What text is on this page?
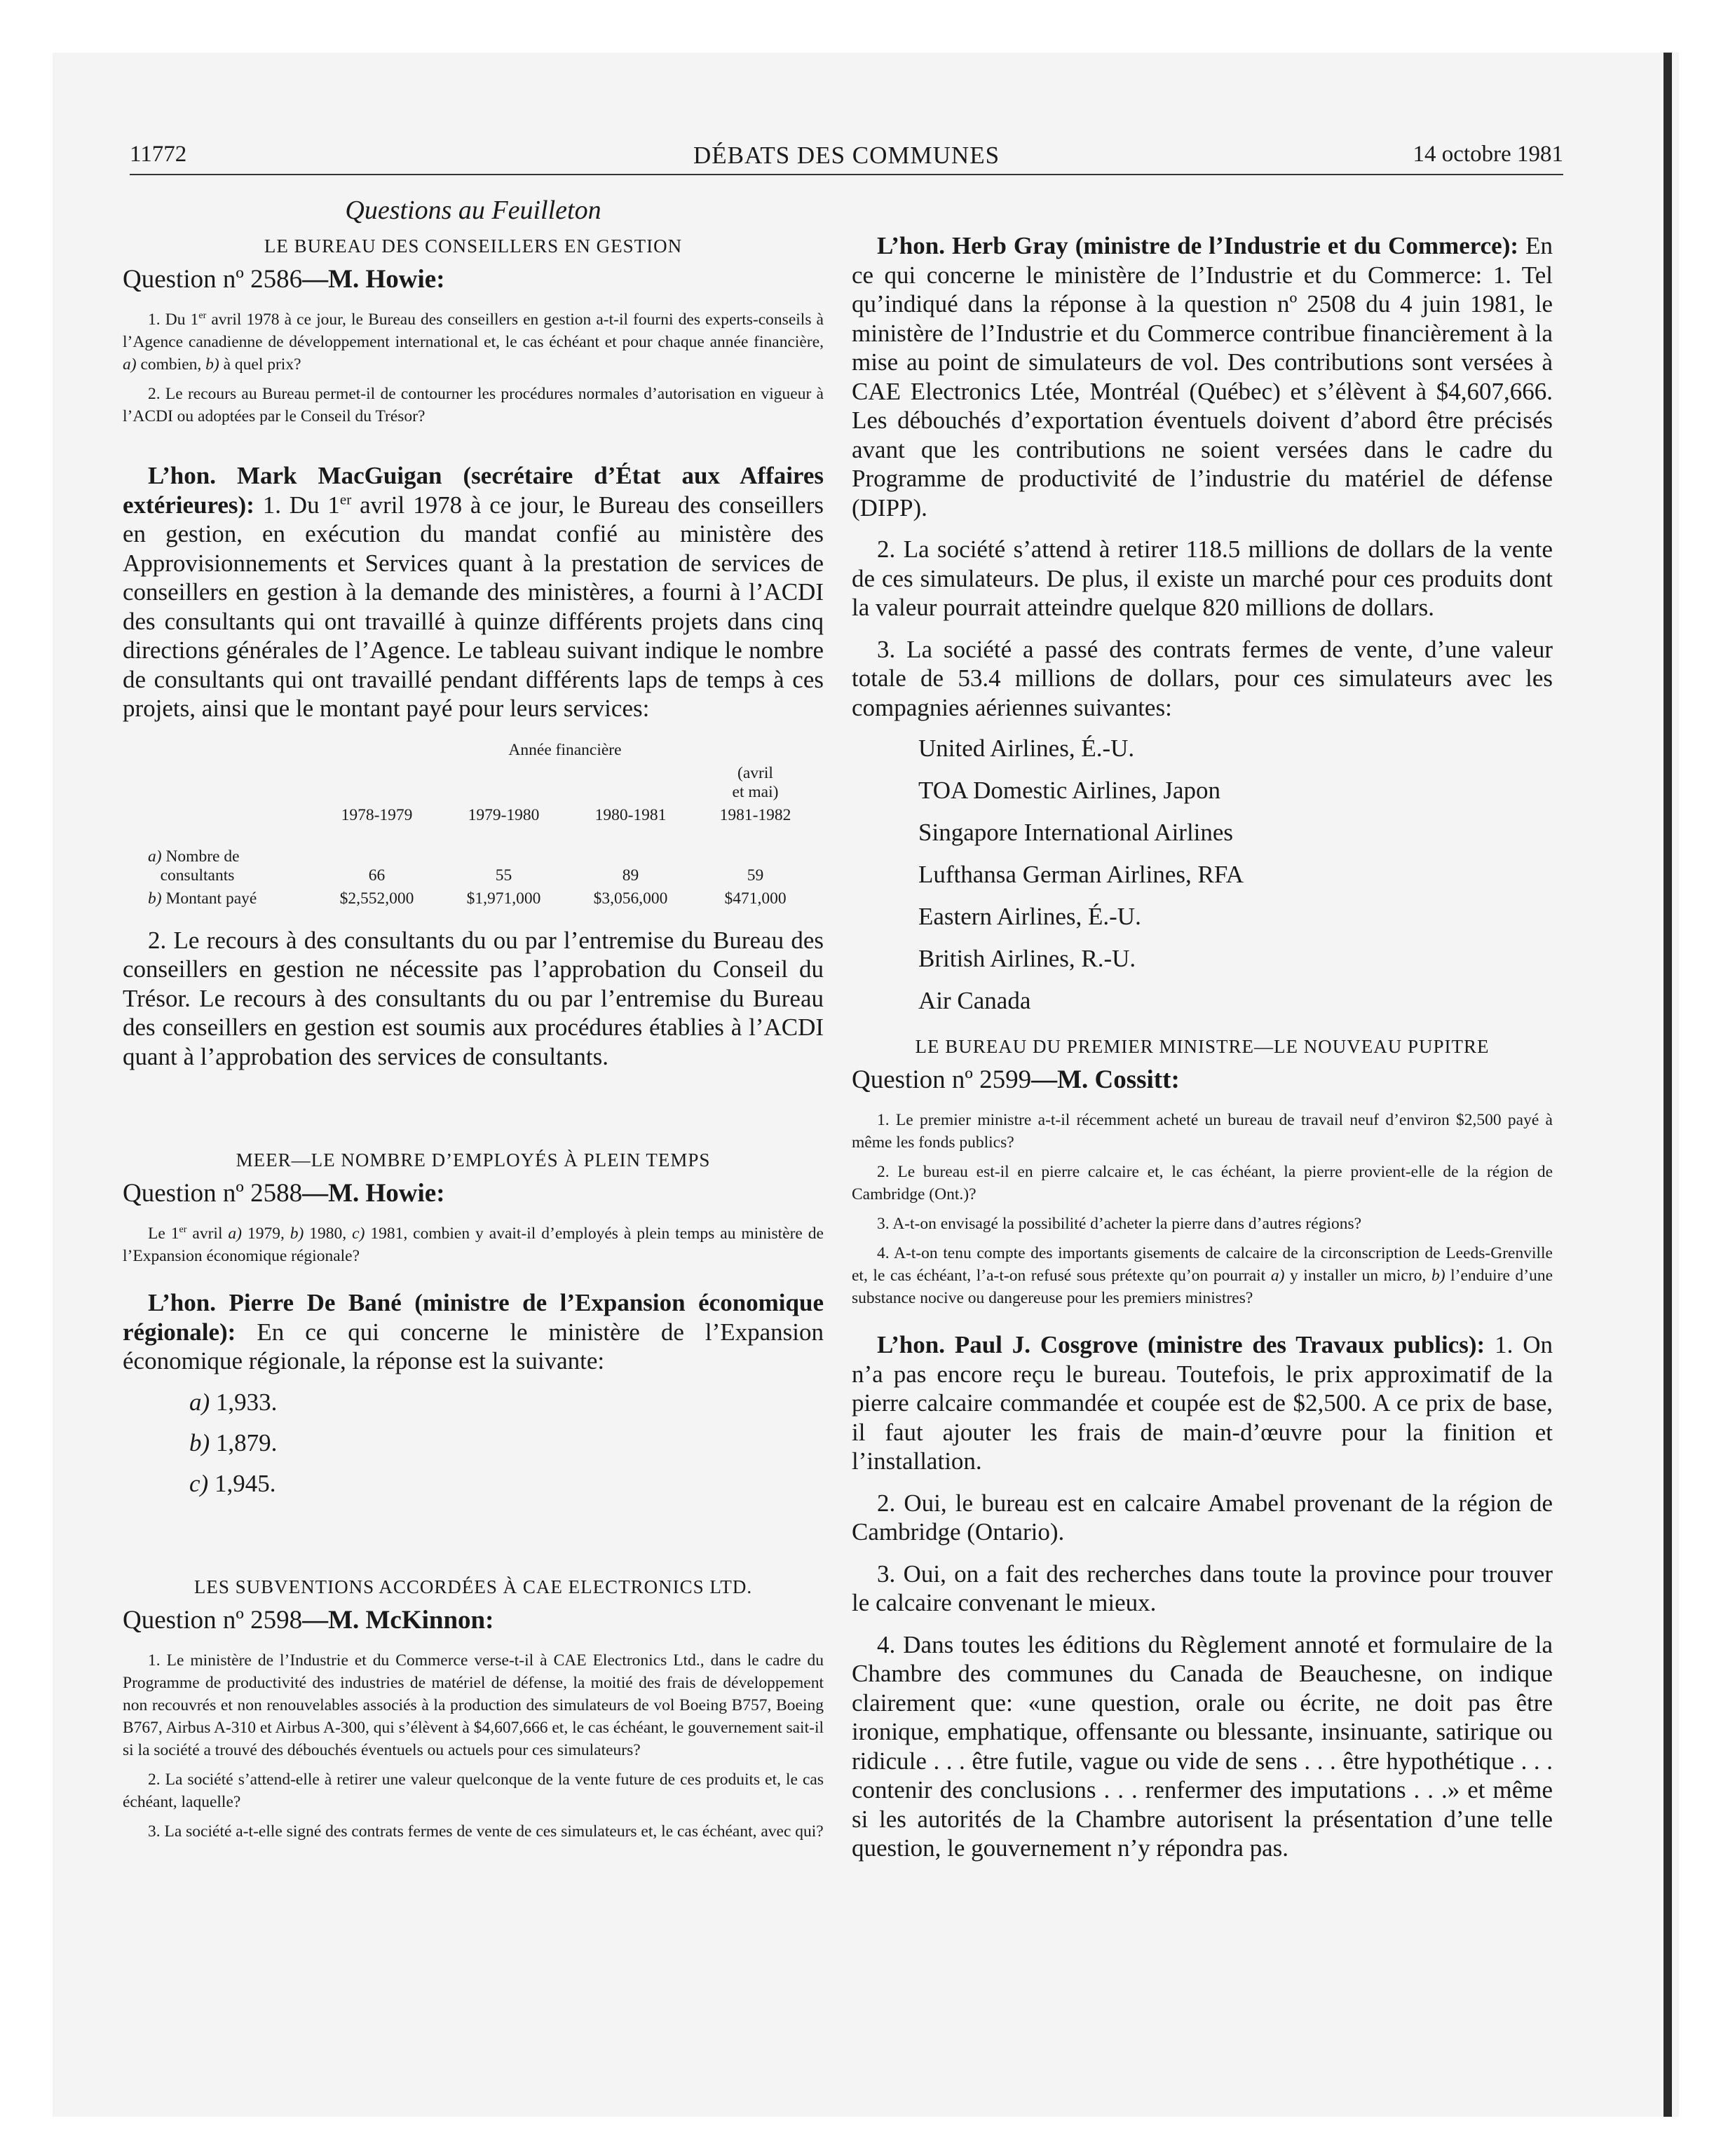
11772	DÉBATS DES COMMUNES	14 octobre 1981
Questions au Feuilleton
LE BUREAU DES CONSEILLERS EN GESTION
Question nº 2586—M. Howie:

1. Du 1er avril 1978 à ce jour, le Bureau des conseillers en gestion a-t-il fourni des experts-conseils à l’Agence canadienne de développement international et, le cas échéant et pour chaque année financière, a) combien, b) à quel prix?

2. Le recours au Bureau permet-il de contourner les procédures normales d’autorisation en vigueur à l’ACDI ou adoptées par le Conseil du Trésor?

L’hon. Mark MacGuigan (secrétaire d’État aux Affaires extérieures): 1. Du 1er avril 1978 à ce jour, le Bureau des conseillers en gestion, en exécution du mandat confié au ministère des Approvisionnements et Services quant à la prestation de services de conseillers en gestion à la demande des ministères, a fourni à l’ACDI des consultants qui ont travaillé à quinze différents projets dans cinq directions générales de l’Agence. Le tableau suivant indique le nombre de consultants qui ont travaillé pendant différents laps de temps à ces projets, ainsi que le montant payé pour leurs services:

	Année financière			
				(avril
et mai)
	1978-1979	1979-1980	1980-1981	1981-1982

a) Nombre de
consultants	66	55	89	59
b) Montant payé	$2,552,000	$1,971,000	$3,056,000	$471,000

2. Le recours à des consultants du ou par l’entremise du Bureau des conseillers en gestion ne nécessite pas l’approbation du Conseil du Trésor. Le recours à des consultants du ou par l’entremise du Bureau des conseillers en gestion est soumis aux procédures établies à l’ACDI quant à l’approbation des services de consultants.

MEER—LE NOMBRE D’EMPLOYÉS À PLEIN TEMPS
Question nº 2588—M. Howie:

Le 1er avril a) 1979, b) 1980, c) 1981, combien y avait-il d’employés à plein temps au ministère de l’Expansion économique régionale?

L’hon. Pierre De Bané (ministre de l’Expansion économique régionale): En ce qui concerne le ministère de l’Expansion économique régionale, la réponse est la suivante:

a) 1,933.
b) 1,879.
c) 1,945.
LES SUBVENTIONS ACCORDÉES À CAE ELECTRONICS LTD.
Question nº 2598—M. McKinnon:

1. Le ministère de l’Industrie et du Commerce verse-t-il à CAE Electronics Ltd., dans le cadre du Programme de productivité des industries de matériel de défense, la moitié des frais de développement non recouvrés et non renouvelables associés à la production des simulateurs de vol Boeing B757, Boeing B767, Airbus A-310 et Airbus A-300, qui s’élèvent à $4,607,666 et, le cas échéant, le gouvernement sait-il si la société a trouvé des débouchés éventuels ou actuels pour ces simulateurs?

2. La société s’attend-elle à retirer une valeur quelconque de la vente future de ces produits et, le cas échéant, laquelle?

3. La société a-t-elle signé des contrats fermes de vente de ces simulateurs et, le cas échéant, avec qui?

L’hon. Herb Gray (ministre de l’Industrie et du Commerce): En ce qui concerne le ministère de l’Industrie et du Commerce: 1. Tel qu’indiqué dans la réponse à la question nº 2508 du 4 juin 1981, le ministère de l’Industrie et du Commerce contribue financièrement à la mise au point de simulateurs de vol. Des contributions sont versées à CAE Electronics Ltée, Montréal (Québec) et s’élèvent à $4,607,666. Les débouchés d’exportation éventuels doivent d’abord être précisés avant que les contributions ne soient versées dans le cadre du Programme de productivité de l’industrie du matériel de défense (DIPP).

2. La société s’attend à retirer 118.5 millions de dollars de la vente de ces simulateurs. De plus, il existe un marché pour ces produits dont la valeur pourrait atteindre quelque 820 millions de dollars.

3. La société a passé des contrats fermes de vente, d’une valeur totale de 53.4 millions de dollars, pour ces simulateurs avec les compagnies aériennes suivantes:

United Airlines, É.-U.
TOA Domestic Airlines, Japon
Singapore International Airlines
Lufthansa German Airlines, RFA
Eastern Airlines, É.-U.
British Airlines, R.-U.
Air Canada
LE BUREAU DU PREMIER MINISTRE—LE NOUVEAU PUPITRE
Question nº 2599—M. Cossitt:

1. Le premier ministre a-t-il récemment acheté un bureau de travail neuf d’environ $2,500 payé à même les fonds publics?

2. Le bureau est-il en pierre calcaire et, le cas échéant, la pierre provient-elle de la région de Cambridge (Ont.)?

3. A-t-on envisagé la possibilité d’acheter la pierre dans d’autres régions?

4. A-t-on tenu compte des importants gisements de calcaire de la circonscription de Leeds-Grenville et, le cas échéant, l’a-t-on refusé sous prétexte qu’on pourrait a) y installer un micro, b) l’enduire d’une substance nocive ou dangereuse pour les premiers ministres?

L’hon. Paul J. Cosgrove (ministre des Travaux publics): 1. On n’a pas encore reçu le bureau. Toutefois, le prix approximatif de la pierre calcaire commandée et coupée est de $2,500. A ce prix de base, il faut ajouter les frais de main-d’œuvre pour la finition et l’installation.

2. Oui, le bureau est en calcaire Amabel provenant de la région de Cambridge (Ontario).

3. Oui, on a fait des recherches dans toute la province pour trouver le calcaire convenant le mieux.

4. Dans toutes les éditions du Règlement annoté et formulaire de la Chambre des communes du Canada de Beauchesne, on indique clairement que: «une question, orale ou écrite, ne doit pas être ironique, emphatique, offensante ou blessante, insinuante, satirique ou ridicule . . . être futile, vague ou vide de sens . . . être hypothétique . . . contenir des conclusions . . . renfermer des imputations . . .» et même si les autorités de la Chambre autorisent la présentation d’une telle question, le gouvernement n’y répondra pas.
